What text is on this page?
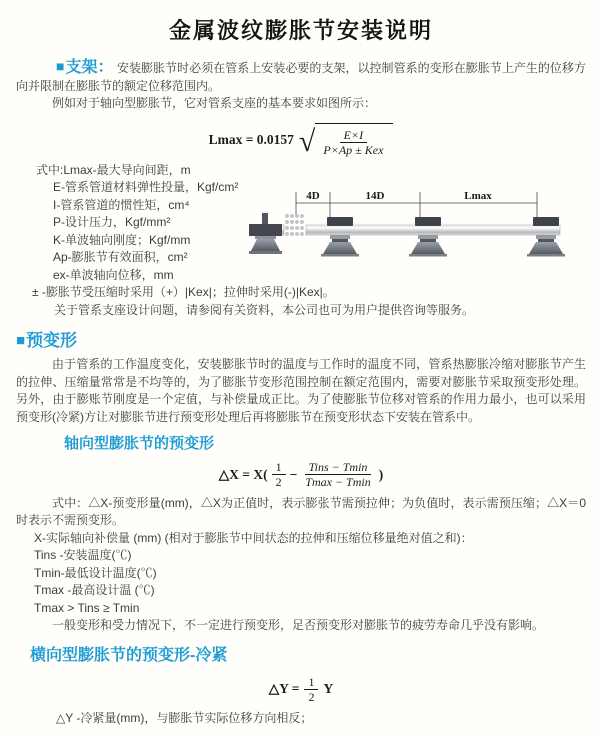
金属波纹膨胀节安装说明

■支架： 安装膨胀节时必须在管系上安装必要的支架，以控制管系的变形在膨胀节上产生的位移方向并限制在膨胀节的额定位移范围内。

例如对于轴向型膨胀节，它对管系支座的基本要求如图所示：

Lmax = 0.0157 √ $\frac{E\times I}{\text{P×Ap ± Kex}}$
式中:Lmax-最大导向间距，m
E-管系管道材料弹性投量，Kgf/cm²
I-管系管道的惯性矩，cm⁴
P-设计压力，Kgf/mm²
K-单波轴向刚度；Kgf/mm
Ap-膨胀节有效面积，cm²
ex-单波轴向位移，mm
± -膨胀节受压缩时采用（+）|Kex|；拉伸时采用(-)|Kex|。
关于管系支座设计问题，请参阅有关资料，本公司也可为用户提供咨询等服务。
4D	14D	Lmax
■预变形

由于管系的工作温度变化，安装膨胀节时的温度与工作时的温度不同，管系热膨胀冷缩对膨胀节产生的拉伸、压缩量常常是不均等的，为了膨胀节变形范围控制在额定范围内，需要对膨胀节采取预变形处理。另外，由于膨账节刚度是一个定值，与补偿量成正比。为了使膨胀节位移对管系的作用力最小，也可以采用预变形(冷紧)方让对膨胀节进行预变形处理后再将膨胀节在预变形状态下安装在管系中。

轴向型膨胀节的预变形
△X = $X( \frac{1}{2} - \frac{\text{Tins − Tmin}}{Tmax - Tmin}$ )

式中：△X-预变形量(mm)，△X为正值时，表示膨张节需预拉伸；为负值时，表示需预压缩；△X＝0时表示不需预变形。

X-实际轴向补偿量 (mm) (相对于膨胀节中间状态的拉伸和压缩位移量绝对值之和)：
Tins -安装温度(℃)
Tmin-最低设计温度(℃)
Tmax -最高设计温 (℃)
Tmax > Tins ≥ Tmin

一般变形和受力情况下，不一定进行预变形，足否预变形对膨胀节的疲劳寿命几乎没有影响。

横向型膨胀节的预变形-冷紧
△Y = $\frac{1}{2}$ Y
△Y -冷紧量(mm)，与膨胀节实际位移方向相反；
